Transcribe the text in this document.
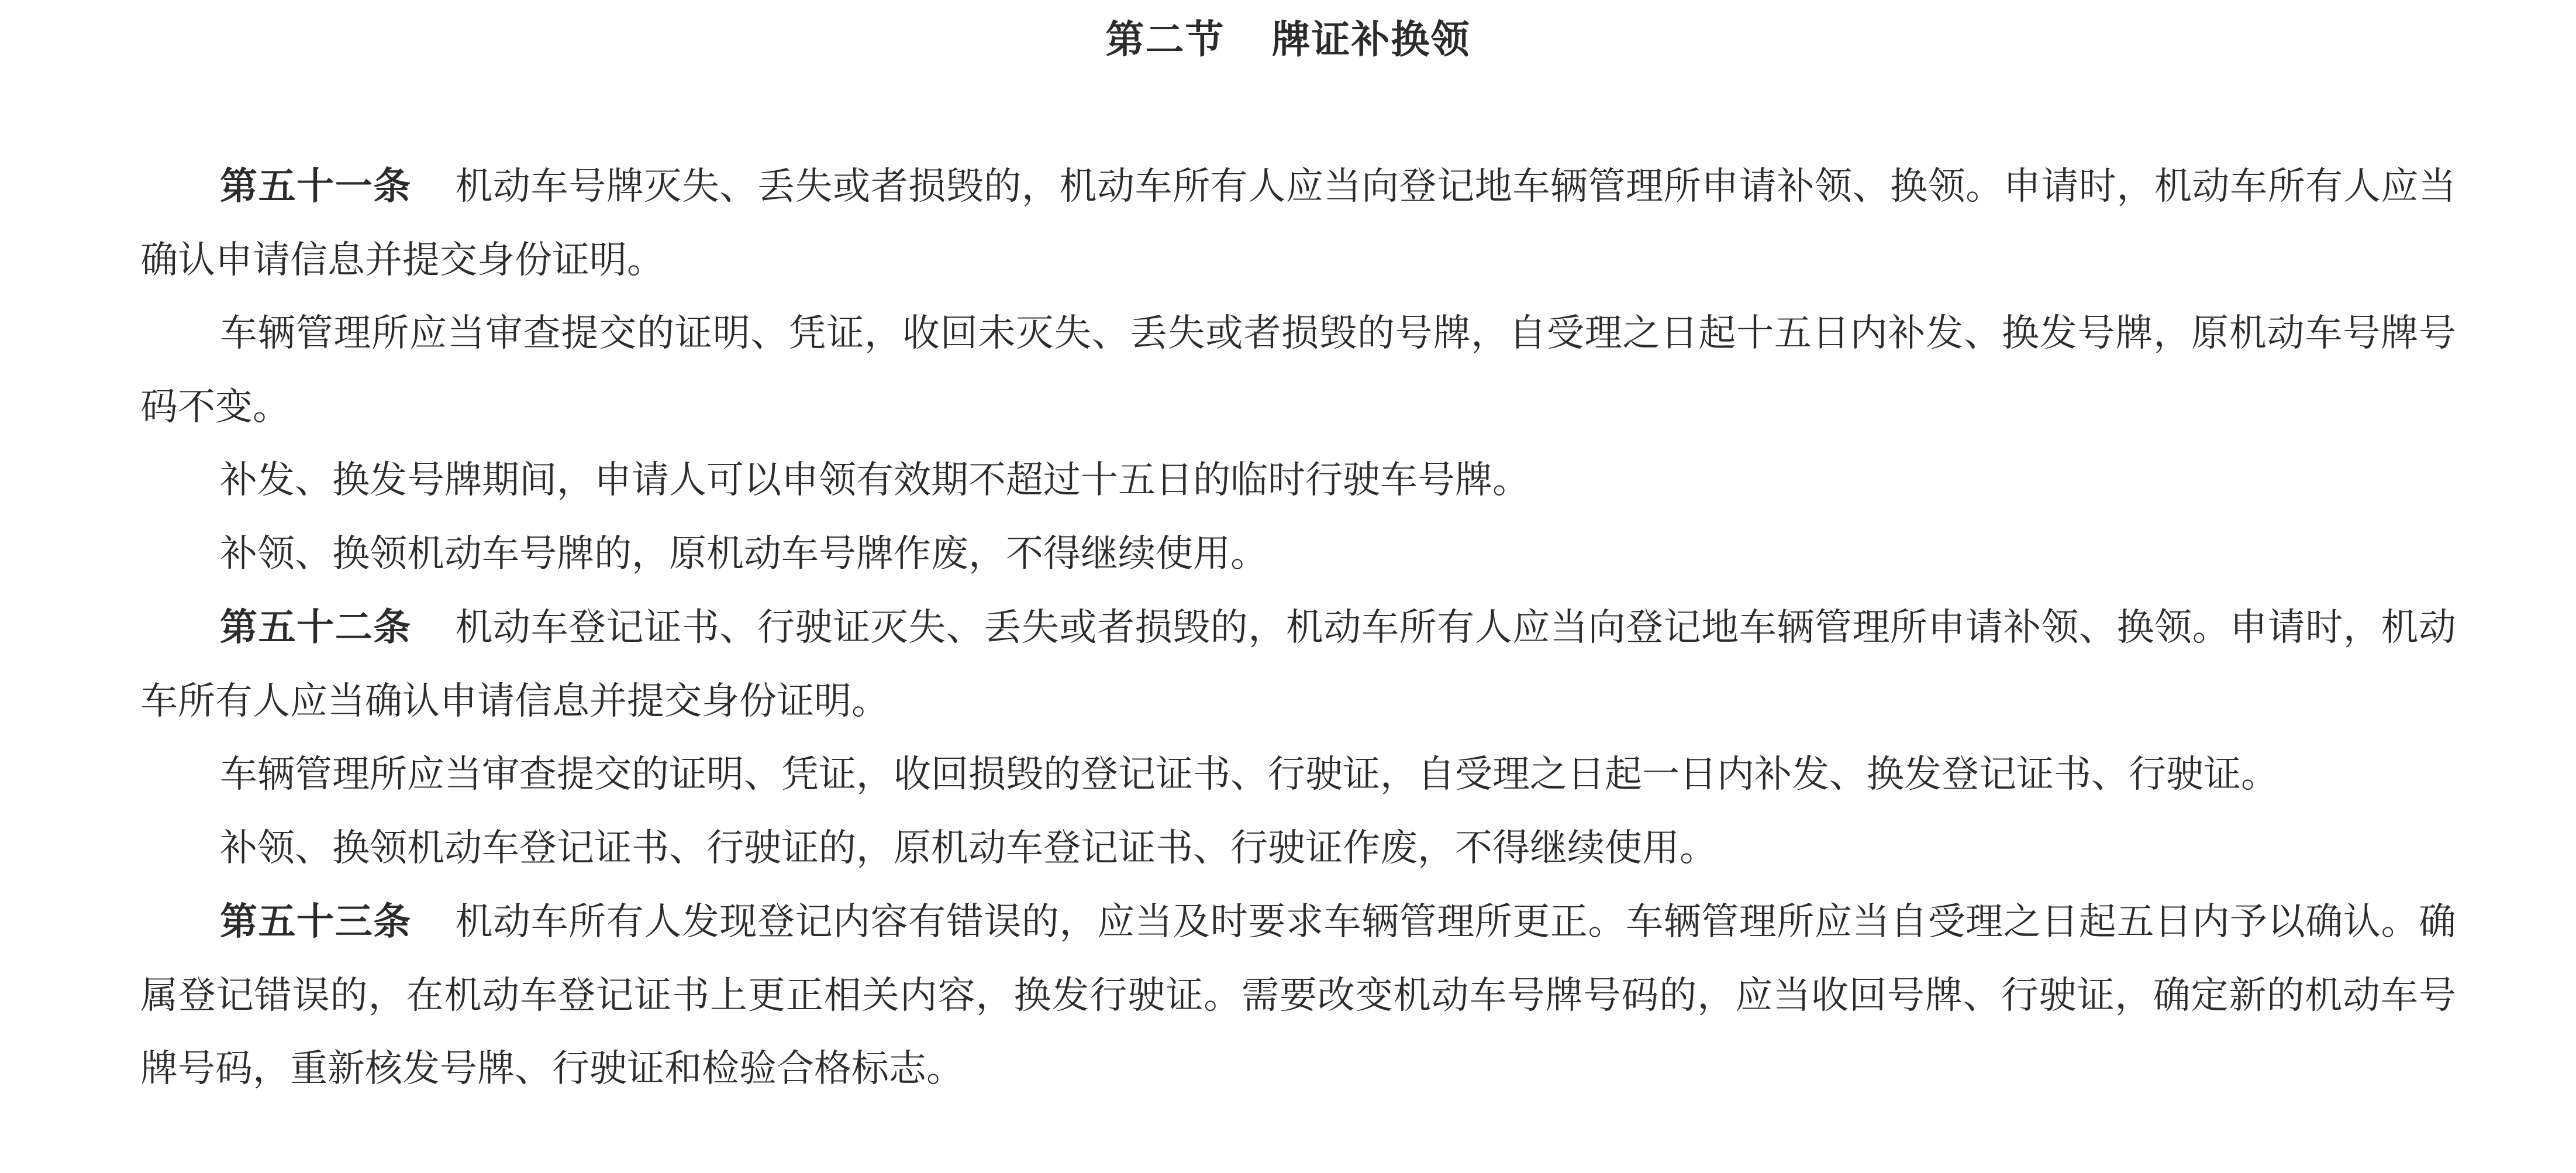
第二节 牌证补换领

第五十一条 机动车号牌灭失、丢失或者损毁的，机动车所有人应当向登记地车辆管理所申请补领、换领。申请时，机动车所有人应当确认申请信息并提交身份证明。

车辆管理所应当审查提交的证明、凭证，收回未灭失、丢失或者损毁的号牌，自受理之日起十五日内补发、换发号牌，原机动车号牌号码不变。

补发、换发号牌期间，申请人可以申领有效期不超过十五日的临时行驶车号牌。

补领、换领机动车号牌的，原机动车号牌作废，不得继续使用。

第五十二条 机动车登记证书、行驶证灭失、丢失或者损毁的，机动车所有人应当向登记地车辆管理所申请补领、换领。申请时，机动车所有人应当确认申请信息并提交身份证明。

车辆管理所应当审查提交的证明、凭证，收回损毁的登记证书、行驶证，自受理之日起一日内补发、换发登记证书、行驶证。

补领、换领机动车登记证书、行驶证的，原机动车登记证书、行驶证作废，不得继续使用。

第五十三条 机动车所有人发现登记内容有错误的，应当及时要求车辆管理所更正。车辆管理所应当自受理之日起五日内予以确认。确属登记错误的，在机动车登记证书上更正相关内容，换发行驶证。需要改变机动车号牌号码的，应当收回号牌、行驶证，确定新的机动车号牌号码，重新核发号牌、行驶证和检验合格标志。
